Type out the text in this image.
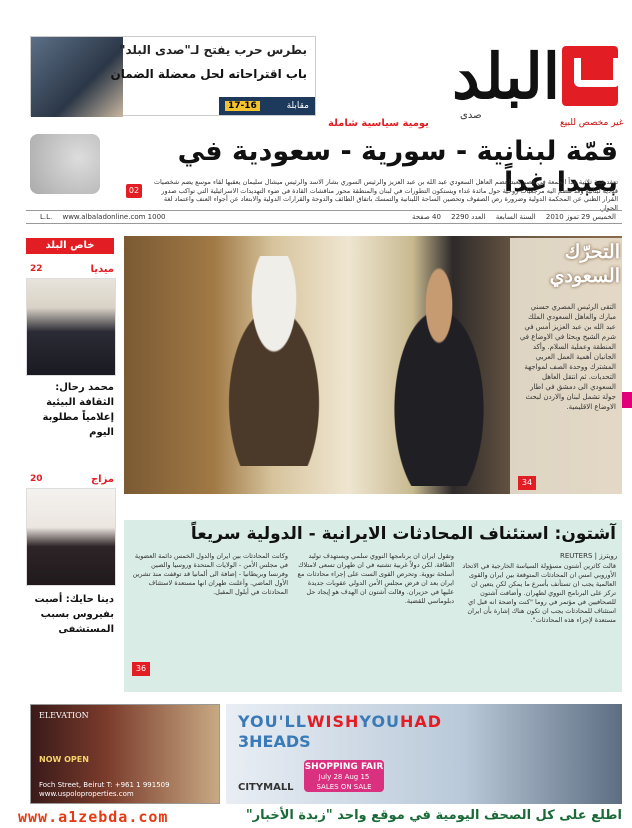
بطرس حرب يفتح لـ"صدى البلد"
باب اقتراحاته لحل معضلة الضمان
17-16	مقابلة	البلد
صدى
يومية سياسية شاملة	غير مخصص للبيع
قمّة لبنانية - سورية - سعودية في بعبدا غداً
تعقد قمة ثلاثية غداً الجمعة في قصر بعبدا تضم العاهل السعودي عبد الله بن عبد العزيز والرئيس السوري بشار الاسد والرئيس ميشال سليمان يعقبها لقاء موسع يضم شخصيات قيادية لبنانية وقد تنضم اليه مرجعيات روحية حول مائدة غداء ويستكون التطورات في لبنان والمنطقة محور مناقشات القادة في ضوء التهديدات الاسرائيلية التي تواكب صدور القرار الظني عن المحكمة الدولية وضرورة رص الصفوف وتحصين الساحة اللبنانية والتمسك باتفاق الطائف والدوحة والقرارات الدولية والابتعاد عن أجواء العنف واعتماد لغة الحوار.
02
الخميس 29 تموز 2010 السنة السابعة العدد 2290 40 صفحة
1000 L.L. www.albaladonline.com
خاص البلد
ميديا
22
محمد رحال: الثقافة البيئية إعلامياً مطلوبة اليوم
مزاج
20
دينا حايك: أصبت بفيروس بسبب المستشفى
التحرّك السعودي
التقى الرئيس المصري حسني مبارك والعاهل السعودي الملك عبد الله بن عبد العزيز أمس في شرم الشيخ وبحثا في الاوضاع في المنطقة وعملية السلام. وأكد الجانبان أهمية العمل العربي المشترك ووحدة الصف لمواجهة التحديات. ثم انتقل العاهل السعودي الى دمشق في اطار جولة تشمل لبنان والاردن لبحث الاوضاع الاقليمية.
34
آشتون: استئناف المحادثات الايرانية - الدولية سريعاً
رويترز | REUTERS
قالت كاثرين آشتون مسؤولة السياسة الخارجية في الاتحاد الأوروبي امس ان المحادثات المتوقعة بين ايران والقوى العالمية يجب ان تستأنف بأسرع ما يمكن لكن يتعين ان تركز على البرنامج النووي لطهران. وأضافت آشتون للصحافيين في مؤتمر في روما "كنت واضحة انه قبل اي استئناف للمحادثات يجب ان تكون هناك إشارة بأن ايران مستعدة لإجراء هذه المحادثات".
وتقول ايران ان برنامجها النووي سلمي ويستهدف توليد الطاقة. لكن دولاً غربية تشتبه في ان طهران تسعى لامتلاك أسلحة نووية. وتحرص القوى الست على إجراء محادثات مع ايران بعد ان فرض مجلس الأمن الدولي عقوبات جديدة عليها في حزيران. وقالت آشتون ان الهدف هو إيجاد حل دبلوماسي للقضية.
وكانت المحادثات بين ايران والدول الخمس دائمة العضوية في مجلس الأمن - الولايات المتحدة وروسيا والصين وفرنسا وبريطانيا - إضافة الى ألمانيا قد توقفت منذ تشرين الأول الماضي. وأعلنت طهران انها مستعدة لاستئناف المحادثات في أيلول المقبل.
36
ELEVATION
NOW OPEN
Foch Street, Beirut T: +961 1 991509 www.uspoloproperties.com
YOU'LLWISHYOUHAD
3HEADS
SHOPPING FAIR
July 28 Aug 15
SALES ON SALE
CITYMALL
www.a1zebda.com	اطلع على كل الصحف اليومية في موقع واحد "زبدة الأخبار"
